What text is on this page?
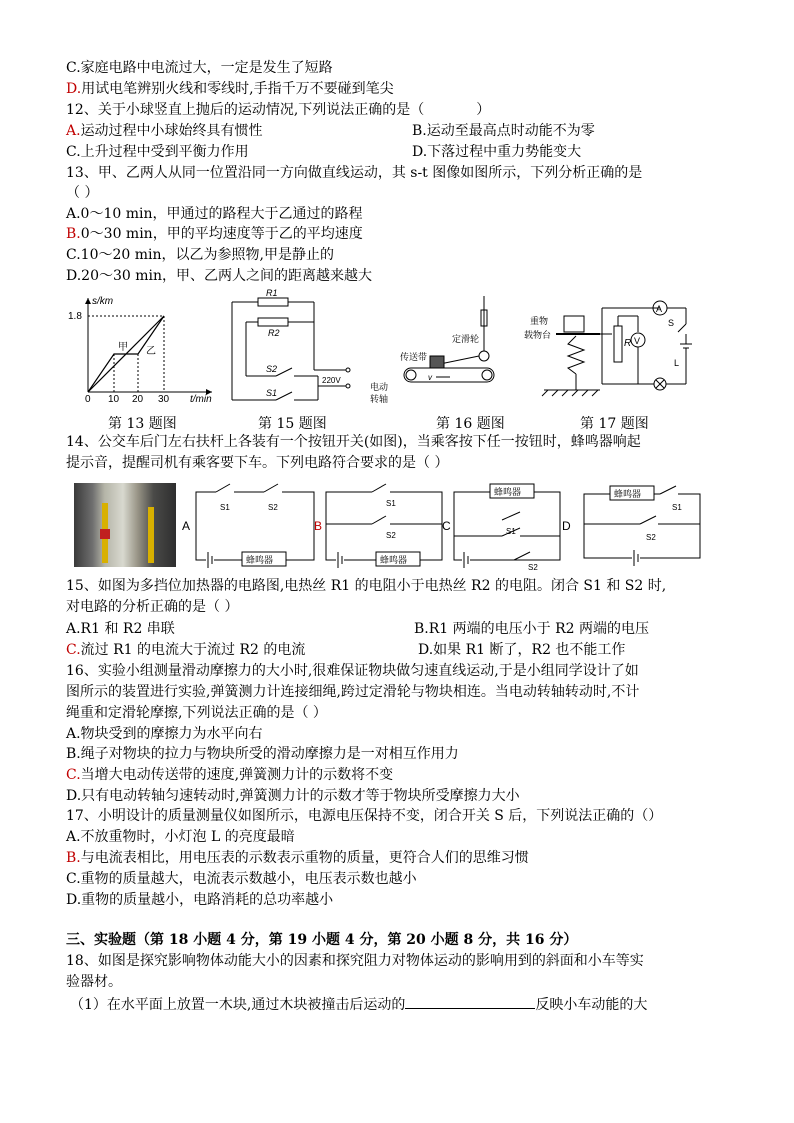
C.家庭电路中电流过大，一定是发生了短路
D.用试电笔辨别火线和零线时,手指千万不要碰到笔尖
12、关于小球竖直上抛后的运动情况,下列说法正确的是（	）
A.运动过程中小球始终具有惯性	B.运动至最高点时动能不为零
C.上升过程中受到平衡力作用	D.下落过程中重力势能变大
13、甲、乙两人从同一位置沿同一方向做直线运动，其 s-t 图像如图所示，下列分析正确的是
（ ）
A.0～10 min，甲通过的路程大于乙通过的路程
B.0～30 min，甲的平均速度等于乙的平均速度
C.10～20 min，以乙为参照物,甲是静止的
D.20～30 min，甲、乙两人之间的距离越来越大
s/km
t/min
1.8
甲 乙
0 10 20 30
R1
R2
S2
220V
S1
定滑轮
传送带
v
电动
转轴
重物
载物台
R
A
V
S
L
第 13 题图	第 15 题图	第 16 题图	第 17 题图
14、公交车后门左右扶杆上各装有一个按钮开关(如图)，当乘客按下任一按钮时，蜂鸣器响起
提示音，提醒司机有乘客要下车。下列电路符合要求的是（ ）
A
S1	S2
蜂鸣器
B
S1
S2
蜂鸣器
C
蜂鸣器
S1
S2
D
蜂鸣器
S1
S2
15、如图为多挡位加热器的电路图,电热丝 R1 的电阻小于电热丝 R2 的电阻。闭合 S1 和 S2 时,
对电路的分析正确的是（ ）
A.R1 和 R2 串联	B.R1 两端的电压小于 R2 两端的电压
C.流过 R1 的电流大于流过 R2 的电流	D.如果 R1 断了，R2 也不能工作
16、实验小组测量滑动摩擦力的大小时,很难保证物块做匀速直线运动,于是小组同学设计了如
图所示的装置进行实验,弹簧测力计连接细绳,跨过定滑轮与物块相连。当电动转轴转动时,不计
绳重和定滑轮摩擦,下列说法正确的是（ ）
A.物块受到的摩擦力为水平向右
B.绳子对物块的拉力与物块所受的滑动摩擦力是一对相互作用力
C.当增大电动传送带的速度,弹簧测力计的示数将不变
D.只有电动转轴匀速转动时,弹簧测力计的示数才等于物块所受摩擦力大小
17、小明设计的质量测量仪如图所示，电源电压保持不变，闭合开关 S 后，下列说法正确的（）
A.不放重物时，小灯泡 L 的亮度最暗
B.与电流表相比，用电压表的示数表示重物的质量，更符合人们的思维习惯
C.重物的质量越大，电流表示数越小，电压表示数也越小
D.重物的质量越小，电路消耗的总功率越小
三、实验题（第 18 小题 4 分，第 19 小题 4 分，第 20 小题 8 分，共 16 分）
18、如图是探究影响物体动能大小的因素和探究阻力对物体运动的影响用到的斜面和小车等实
验器材。
（1）在水平面上放置一木块,通过木块被撞击后运动的	反映小车动能的大
